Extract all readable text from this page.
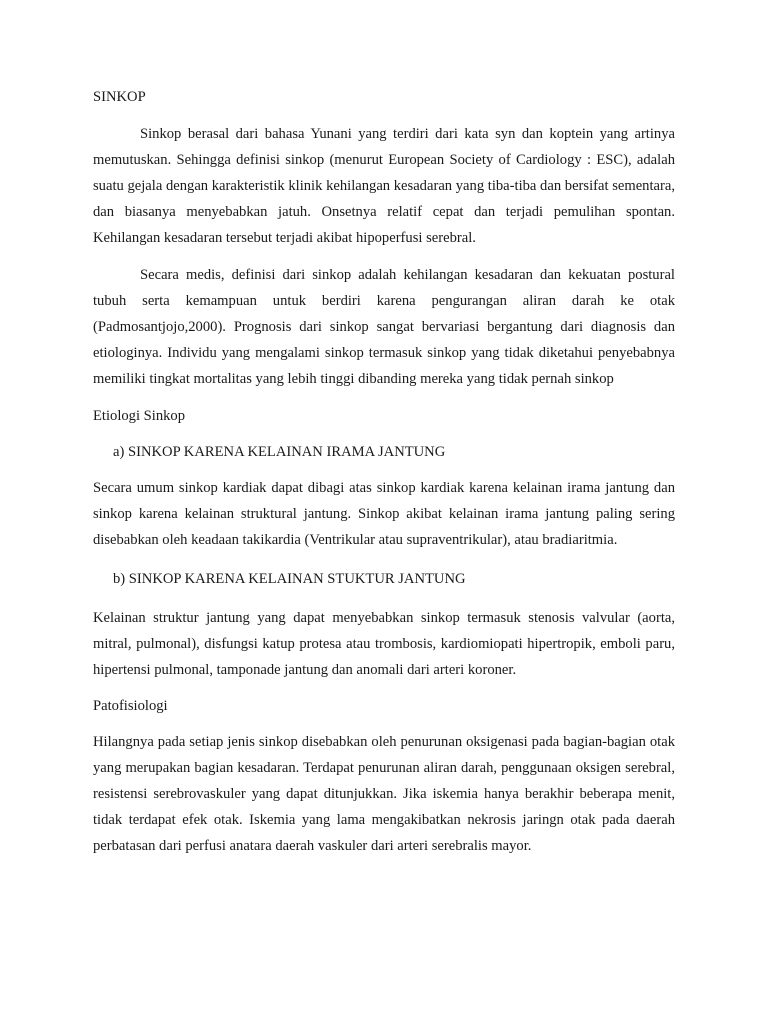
SINKOP

Sinkop berasal dari bahasa Yunani yang terdiri dari kata syn dan koptein yang artinya memutuskan. Sehingga definisi sinkop (menurut European Society of Cardiology : ESC), adalah suatu gejala dengan karakteristik klinik kehilangan kesadaran yang tiba-tiba dan bersifat sementara, dan biasanya menyebabkan jatuh. Onsetnya relatif cepat dan terjadi pemulihan spontan. Kehilangan kesadaran tersebut terjadi akibat hipoperfusi serebral.

Secara medis, definisi dari sinkop adalah kehilangan kesadaran dan kekuatan postural tubuh serta kemampuan untuk berdiri karena pengurangan aliran darah ke otak (Padmosantjojo,2000). Prognosis dari sinkop sangat bervariasi bergantung dari diagnosis dan etiologinya. Individu yang mengalami sinkop termasuk sinkop yang tidak diketahui penyebabnya memiliki tingkat mortalitas yang lebih tinggi dibanding mereka yang tidak pernah sinkop

Etiologi Sinkop

a) SINKOP KARENA KELAINAN IRAMA JANTUNG

Secara umum sinkop kardiak dapat dibagi atas sinkop kardiak karena kelainan irama jantung dan sinkop karena kelainan struktural jantung. Sinkop akibat kelainan irama jantung paling sering disebabkan oleh keadaan takikardia (Ventrikular atau supraventrikular), atau bradiaritmia.

b) SINKOP KARENA KELAINAN STUKTUR JANTUNG

Kelainan struktur jantung yang dapat menyebabkan sinkop termasuk stenosis valvular (aorta, mitral, pulmonal), disfungsi katup protesa atau trombosis, kardiomiopati hipertropik, emboli paru, hipertensi pulmonal, tamponade jantung dan anomali dari arteri koroner.

Patofisiologi

Hilangnya pada setiap jenis sinkop disebabkan oleh penurunan oksigenasi pada bagian-bagian otak yang merupakan bagian kesadaran. Terdapat penurunan aliran darah, penggunaan oksigen serebral, resistensi serebrovaskuler yang dapat ditunjukkan. Jika iskemia hanya berakhir beberapa menit, tidak terdapat efek otak. Iskemia yang lama mengakibatkan nekrosis jaringn otak pada daerah perbatasan dari perfusi anatara daerah vaskuler dari arteri serebralis mayor.
